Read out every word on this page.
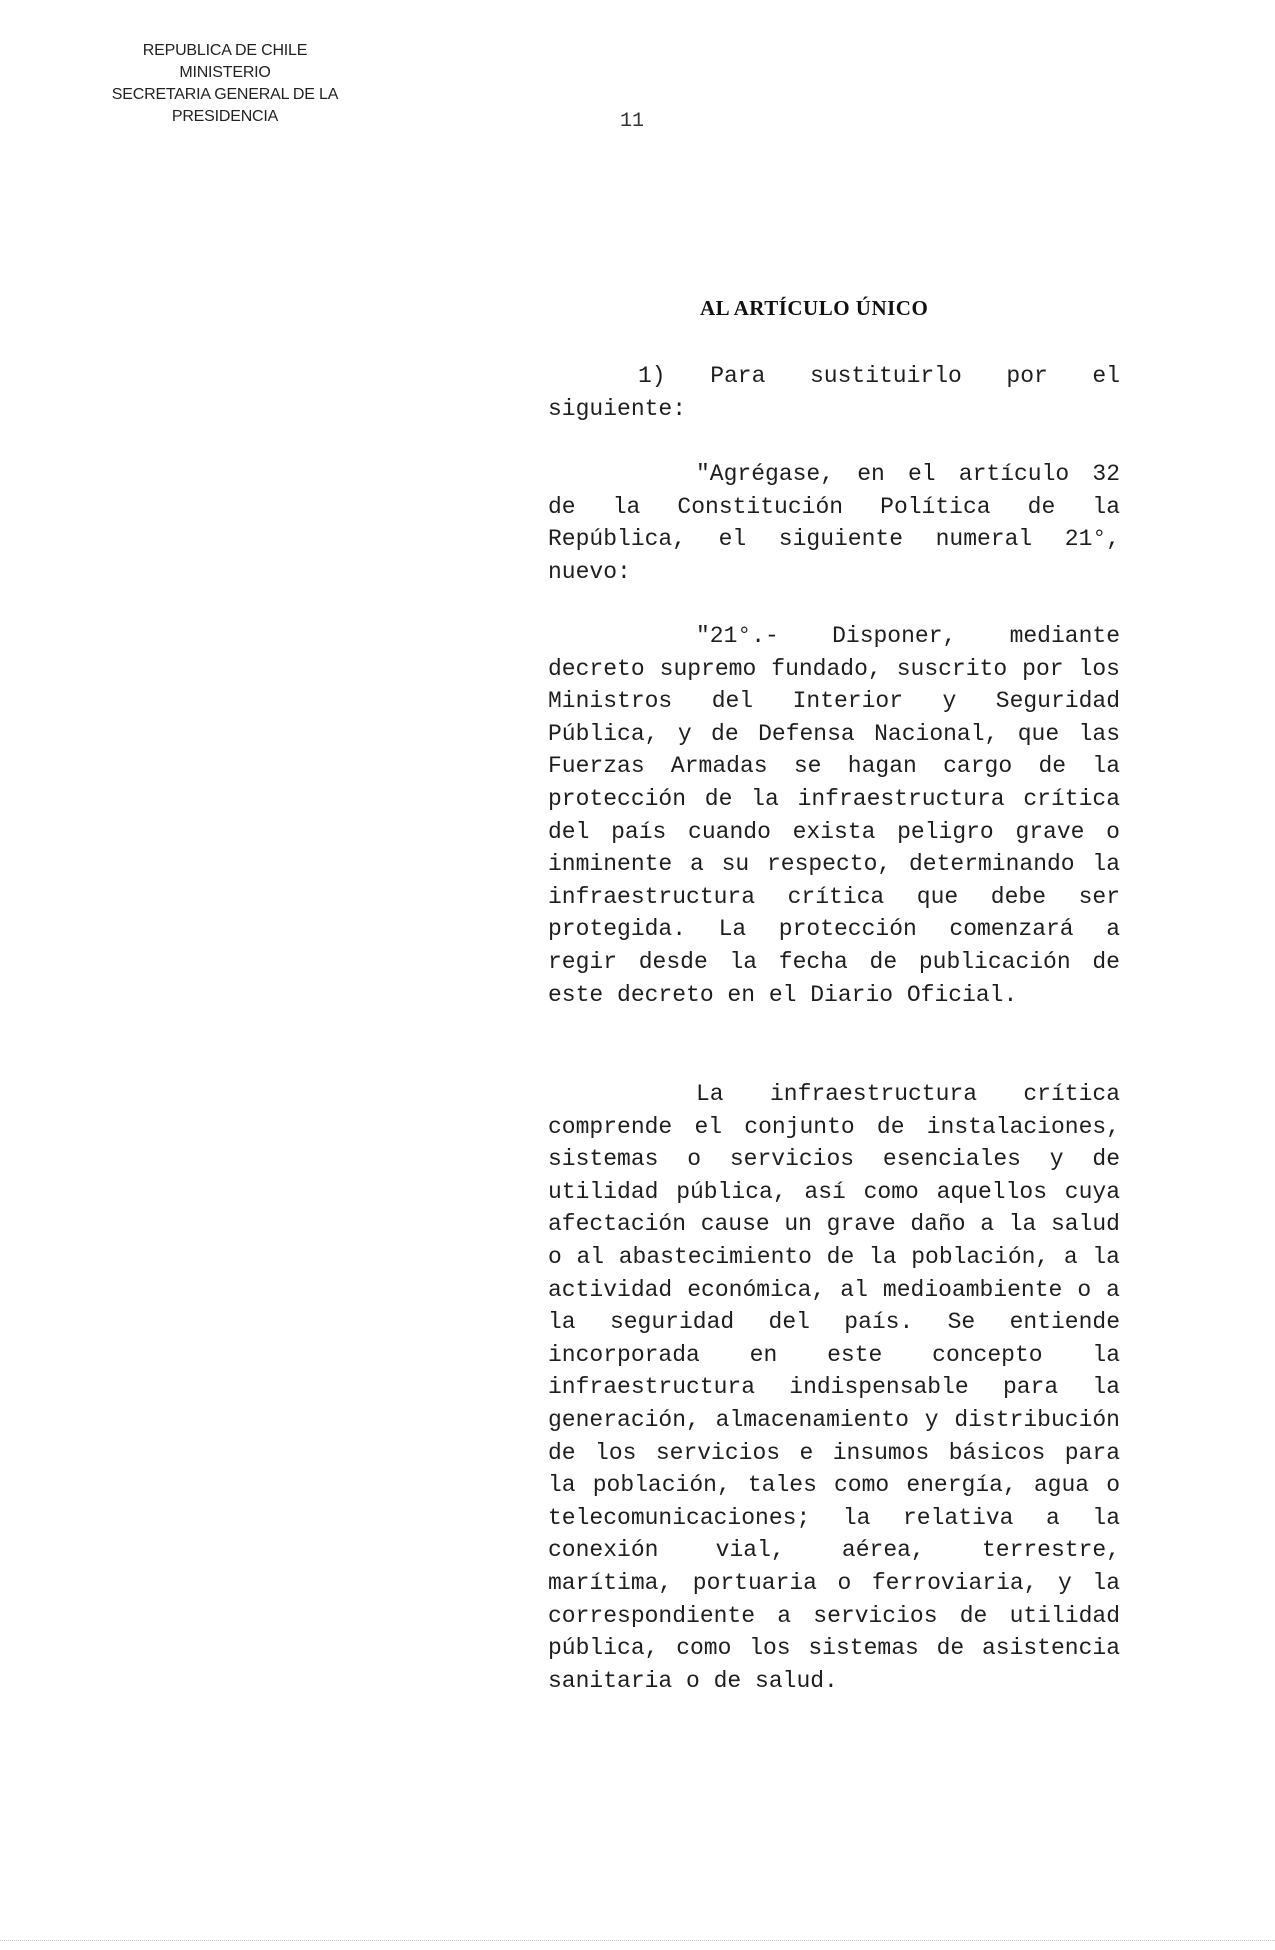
REPUBLICA DE CHILE
MINISTERIO
SECRETARIA GENERAL DE LA PRESIDENCIA	11
AL ARTÍCULO ÚNICO

1) Para sustituirlo por el siguiente:

"Agrégase, en el artículo 32 de la Constitución Política de la República, el siguiente numeral 21°, nuevo:

"21°.- Disponer, mediante decreto supremo fundado, suscrito por los Ministros del Interior y Seguridad Pública, y de Defensa Nacional, que las Fuerzas Armadas se hagan cargo de la protección de la infraestructura crítica del país cuando exista peligro grave o inminente a su respecto, determinando la infraestructura crítica que debe ser protegida. La protección comenzará a regir desde la fecha de publicación de este decreto en el Diario Oficial.

La infraestructura crítica comprende el conjunto de instalaciones, sistemas o servicios esenciales y de utilidad pública, así como aquellos cuya afectación cause un grave daño a la salud o al abastecimiento de la población, a la actividad económica, al medioambiente o a la seguridad del país. Se entiende incorporada en este concepto la infraestructura indispensable para la generación, almacenamiento y distribución de los servicios e insumos básicos para la población, tales como energía, agua o telecomunicaciones; la relativa a la conexión vial, aérea, terrestre, marítima, portuaria o ferroviaria, y la correspondiente a servicios de utilidad pública, como los sistemas de asistencia sanitaria o de salud.
